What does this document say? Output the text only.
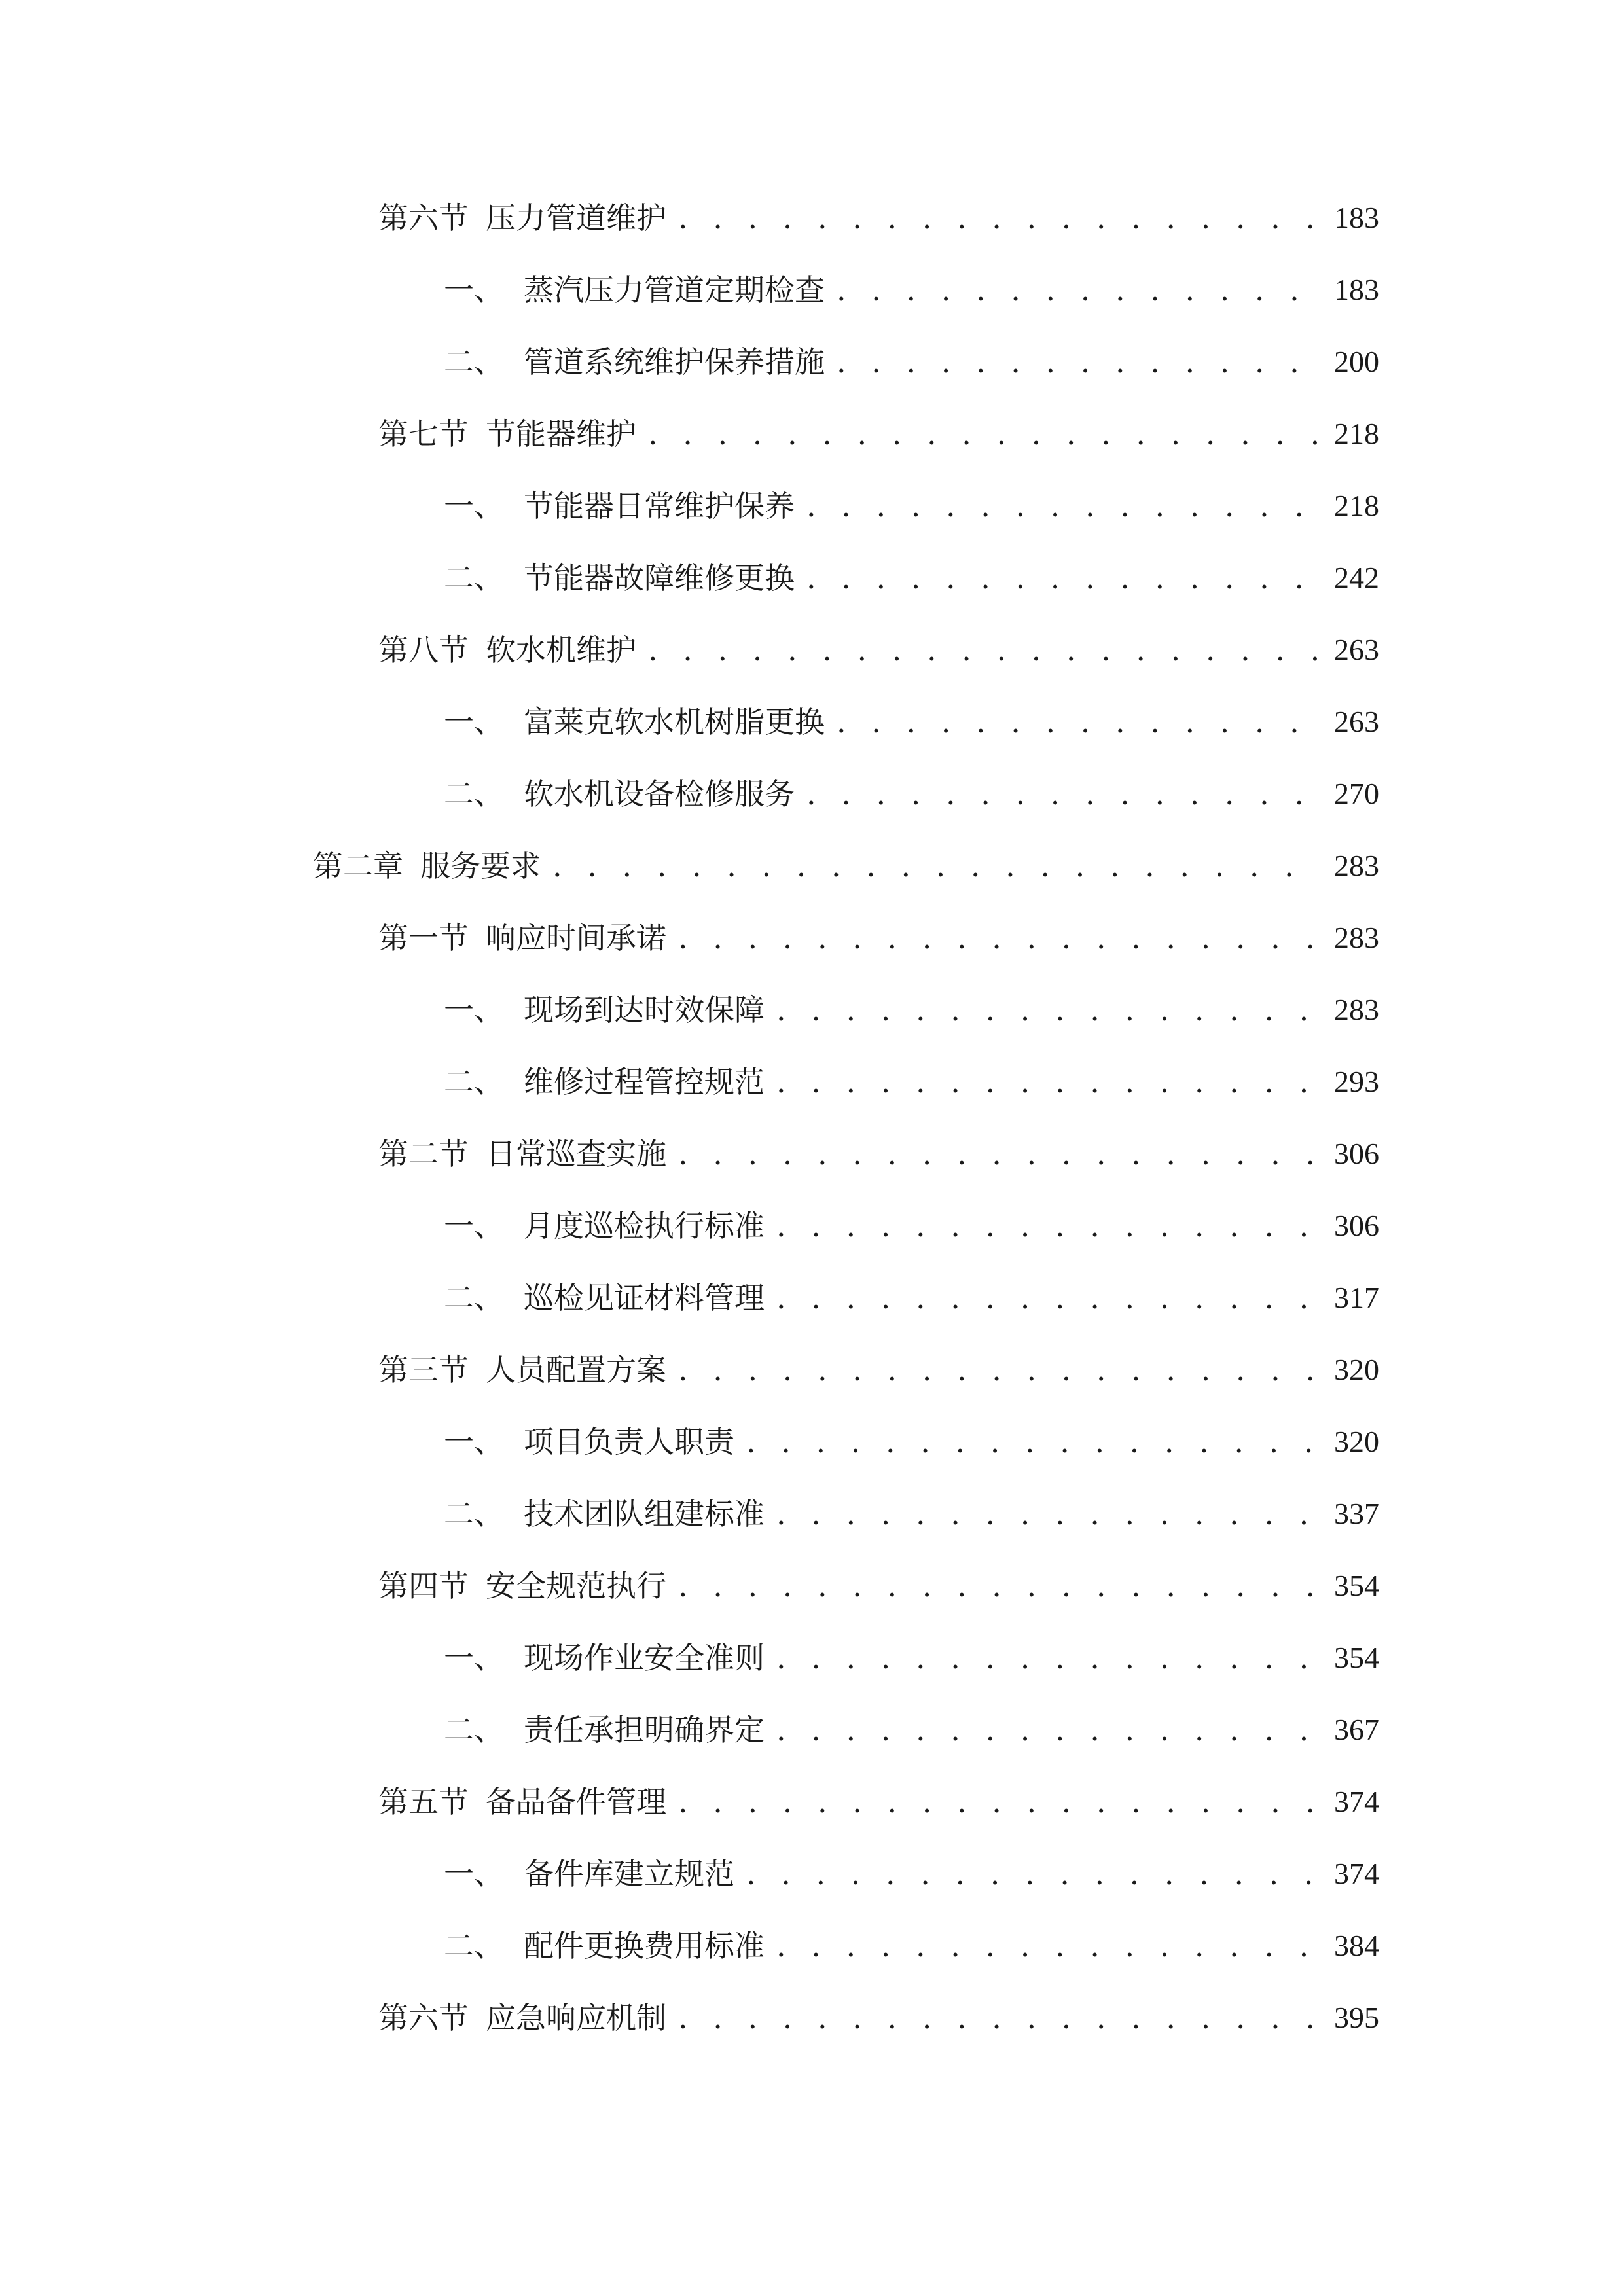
第六节 压力管道维护 . . .	183
一、 蒸汽压力管道定期检查 . . .	183
二、 管道系统维护保养措施 . . .	200
第七节 节能器维护 . . .	218
一、 节能器日常维护保养 . . .	218
二、 节能器故障维修更换 . . .	242
第八节 软水机维护 . . .	263
一、 富莱克软水机树脂更换 . . .	263
二、 软水机设备检修服务 . . .	270
第二章 服务要求 . . .	283
第一节 响应时间承诺 . . .	283
一、 现场到达时效保障 . . .	283
二、 维修过程管控规范 . . .	293
第二节 日常巡查实施 . . .	306
一、 月度巡检执行标准 . . .	306
二、 巡检见证材料管理 . . .	317
第三节 人员配置方案 . . .	320
一、 项目负责人职责 . . .	320
二、 技术团队组建标准 . . .	337
第四节 安全规范执行 . . .	354
一、 现场作业安全准则 . . .	354
二、 责任承担明确界定 . . .	367
第五节 备品备件管理 . . .	374
一、 备件库建立规范 . . .	374
二、 配件更换费用标准 . . .	384
第六节 应急响应机制 . . .	395
